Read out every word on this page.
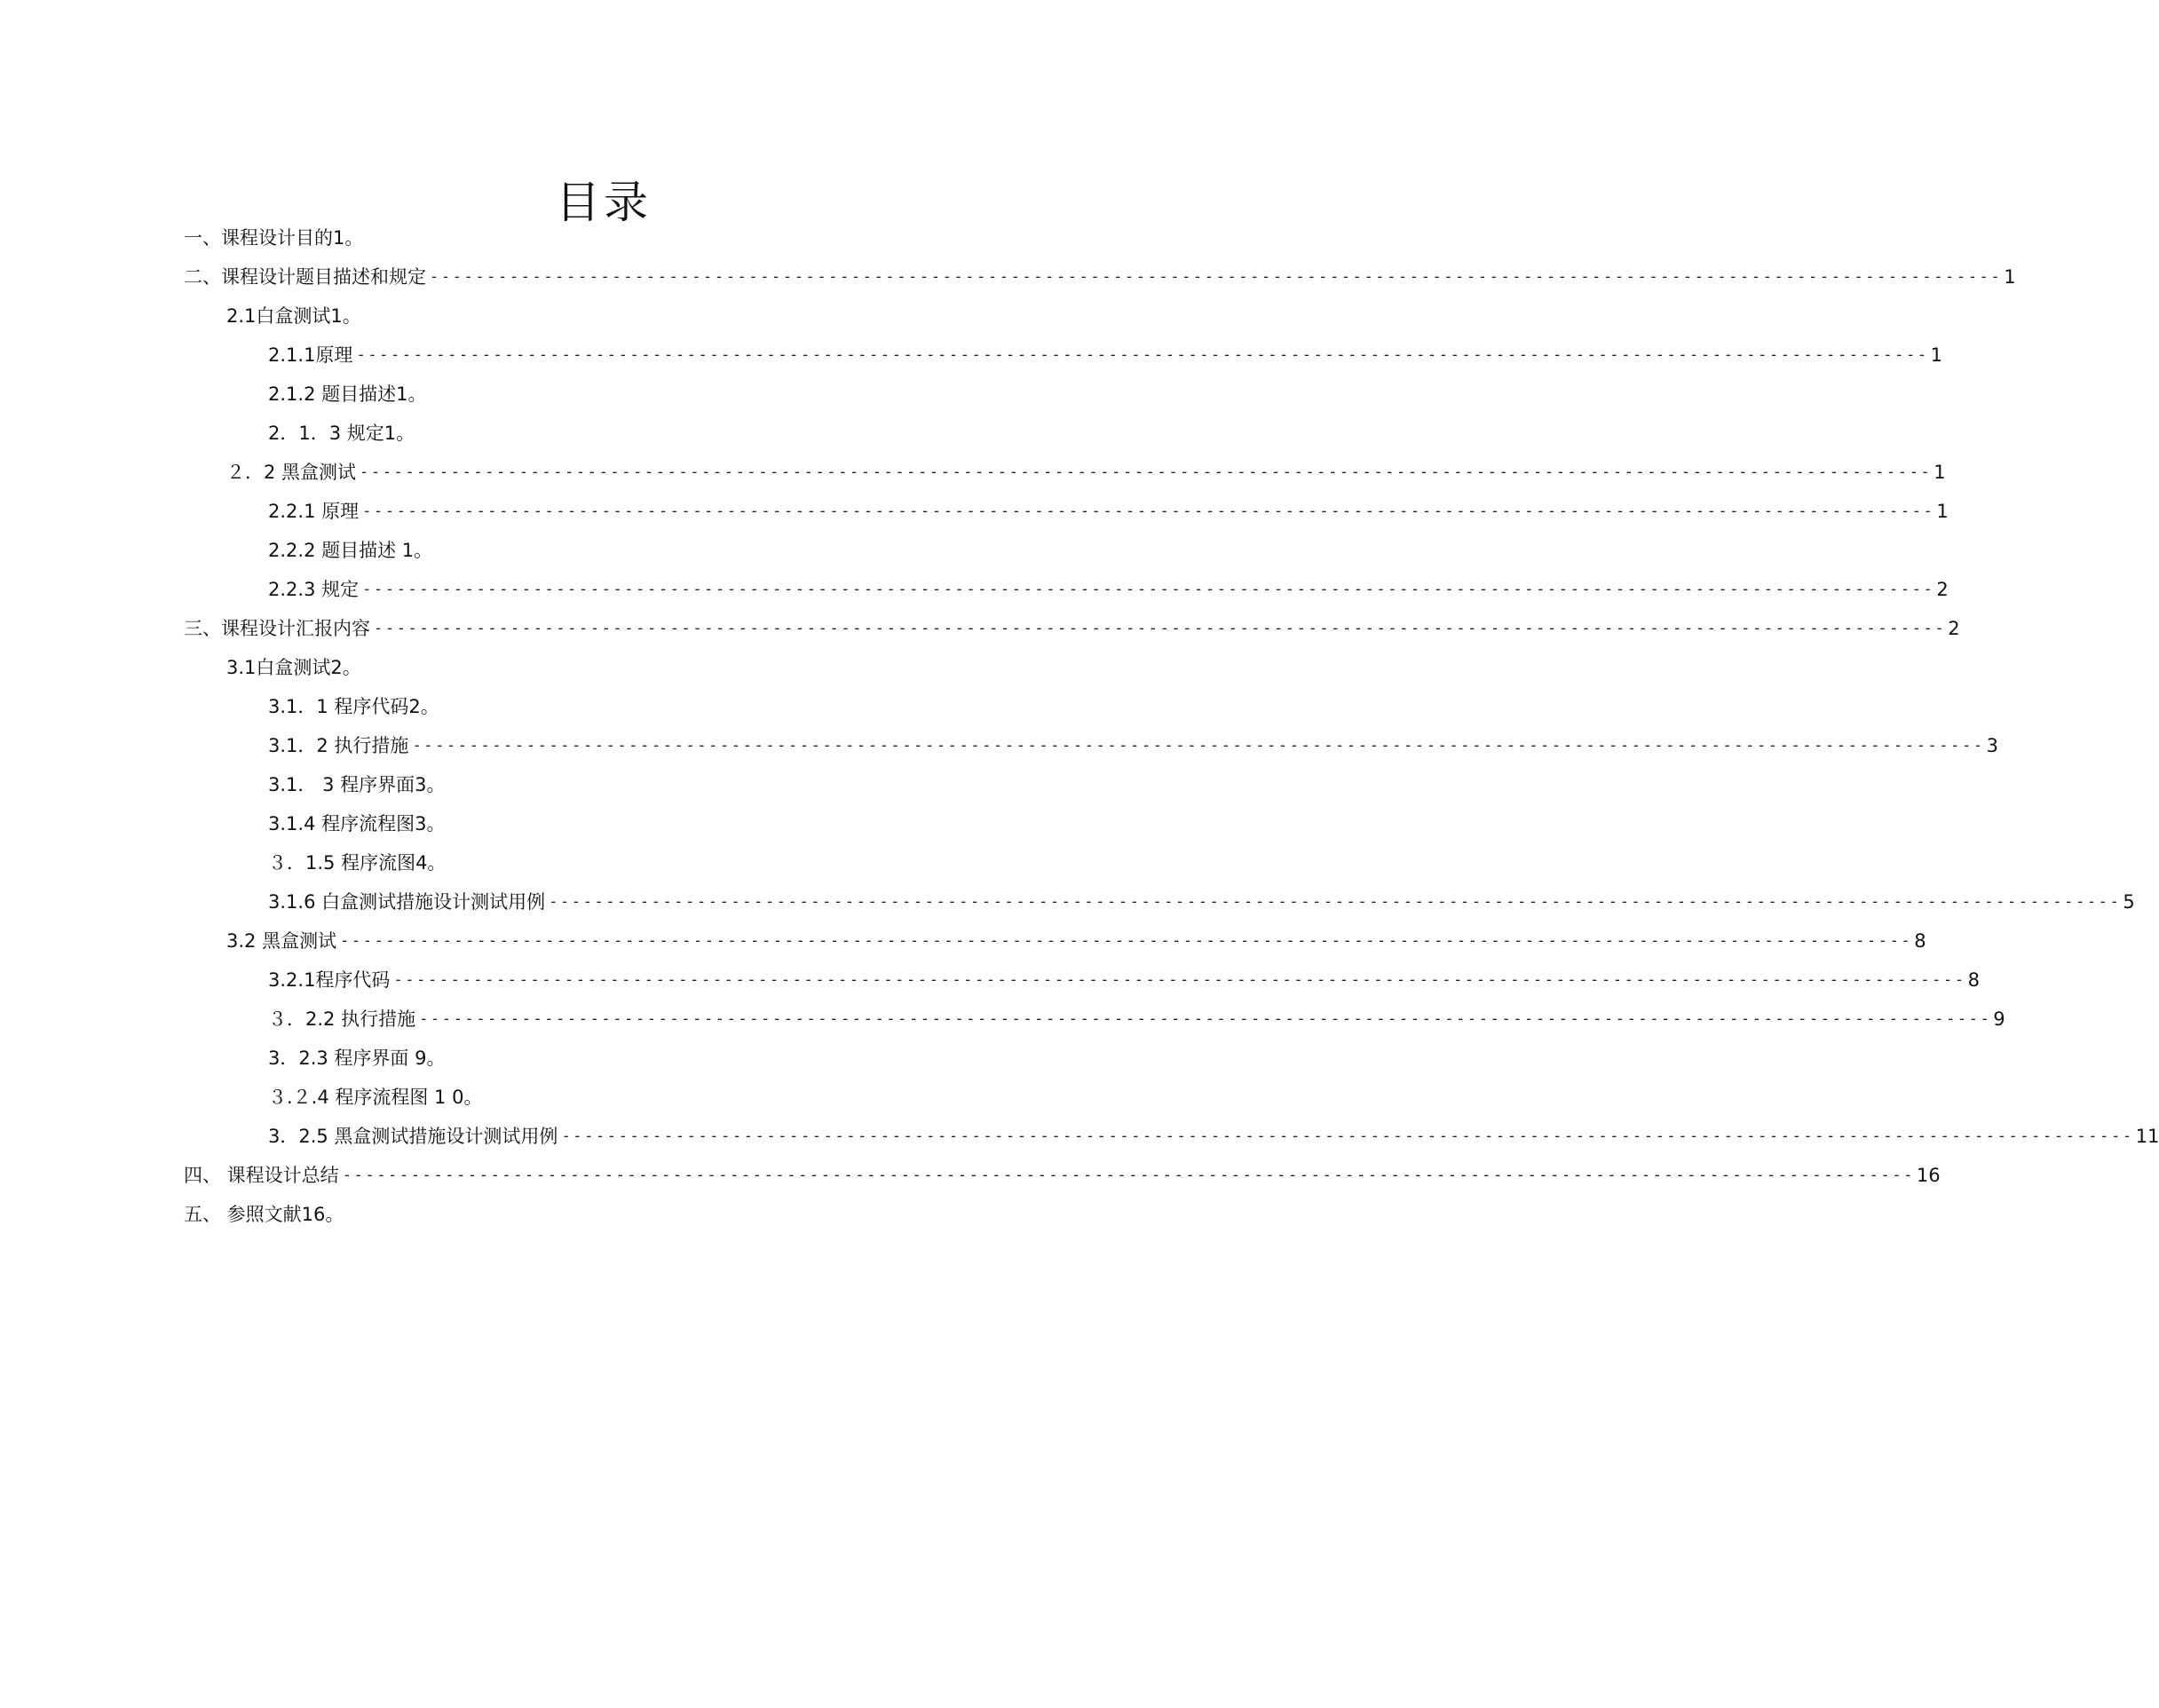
目录
一、课程设计目的1。
二、课程设计题目描述和规定 ------------------------------------------------------------------------------------------------------------------------------------------ 1
2.1白盒测试1。
2.1.1原理 ------------------------------------------------------------------------------------------------------------------------------------------ 1
2.1.2 题目描述1。
2．1．3 规定1。
２．2 黑盒测试 ------------------------------------------------------------------------------------------------------------------------------------------ 1
2.2.1 原理 ------------------------------------------------------------------------------------------------------------------------------------------ 1
2.2.2 题目描述 1。
2.2.3 规定 ------------------------------------------------------------------------------------------------------------------------------------------ 2
三、课程设计汇报内容 ------------------------------------------------------------------------------------------------------------------------------------------ 2
3.1白盒测试2。
3.1．1 程序代码2。
3.1．2 执行措施 ------------------------------------------------------------------------------------------------------------------------------------------ 3
3.1． 3 程序界面3。
3.1.4 程序流程图3。
３．1.5 程序流图4。
3.1.6 白盒测试措施设计测试用例 ------------------------------------------------------------------------------------------------------------------------------------------ 5
3.2 黑盒测试 ------------------------------------------------------------------------------------------------------------------------------------------ 8
3.2.1程序代码 ------------------------------------------------------------------------------------------------------------------------------------------ 8
３．2.2 执行措施 ------------------------------------------------------------------------------------------------------------------------------------------ 9
3．2.3 程序界面 9。
３.２.4 程序流程图 1 0。
3．2.5 黑盒测试措施设计测试用例 ------------------------------------------------------------------------------------------------------------------------------------------ 11
四、 课程设计总结 ------------------------------------------------------------------------------------------------------------------------------------------ 16
五、 参照文献16。
